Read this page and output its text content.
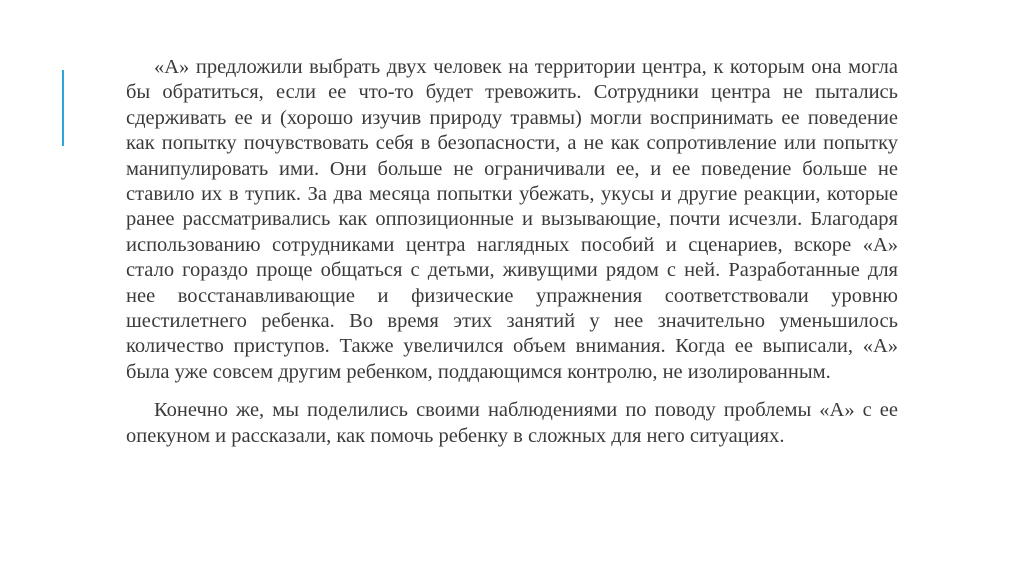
«А» предложили выбрать двух человек на территории центра, к которым она могла бы обратиться, если ее что-то будет тревожить. Сотрудники центра не пытались сдерживать ее и (хорошо изучив природу травмы) могли воспринимать ее поведение как попытку почувствовать себя в безопасности, а не как сопротивление или попытку манипулировать ими. Они больше не ограничивали ее, и ее поведение больше не ставило их в тупик. За два месяца попытки убежать, укусы и другие реакции, которые ранее рассматривались как оппозиционные и вызывающие, почти исчезли. Благодаря использованию сотрудниками центра наглядных пособий и сценариев, вскоре «А» стало гораздо проще общаться с детьми, живущими рядом с ней. Разработанные для нее восстанавливающие и физические упражнения соответствовали уровню шестилетнего ребенка. Во время этих занятий у нее значительно уменьшилось количество приступов. Также увеличился объем внимания. Когда ее выписали, «А» была уже совсем другим ребенком, поддающимся контролю, не изолированным.

Конечно же, мы поделились своими наблюдениями по поводу проблемы «А» с ее опекуном и рассказали, как помочь ребенку в сложных для него ситуациях.
